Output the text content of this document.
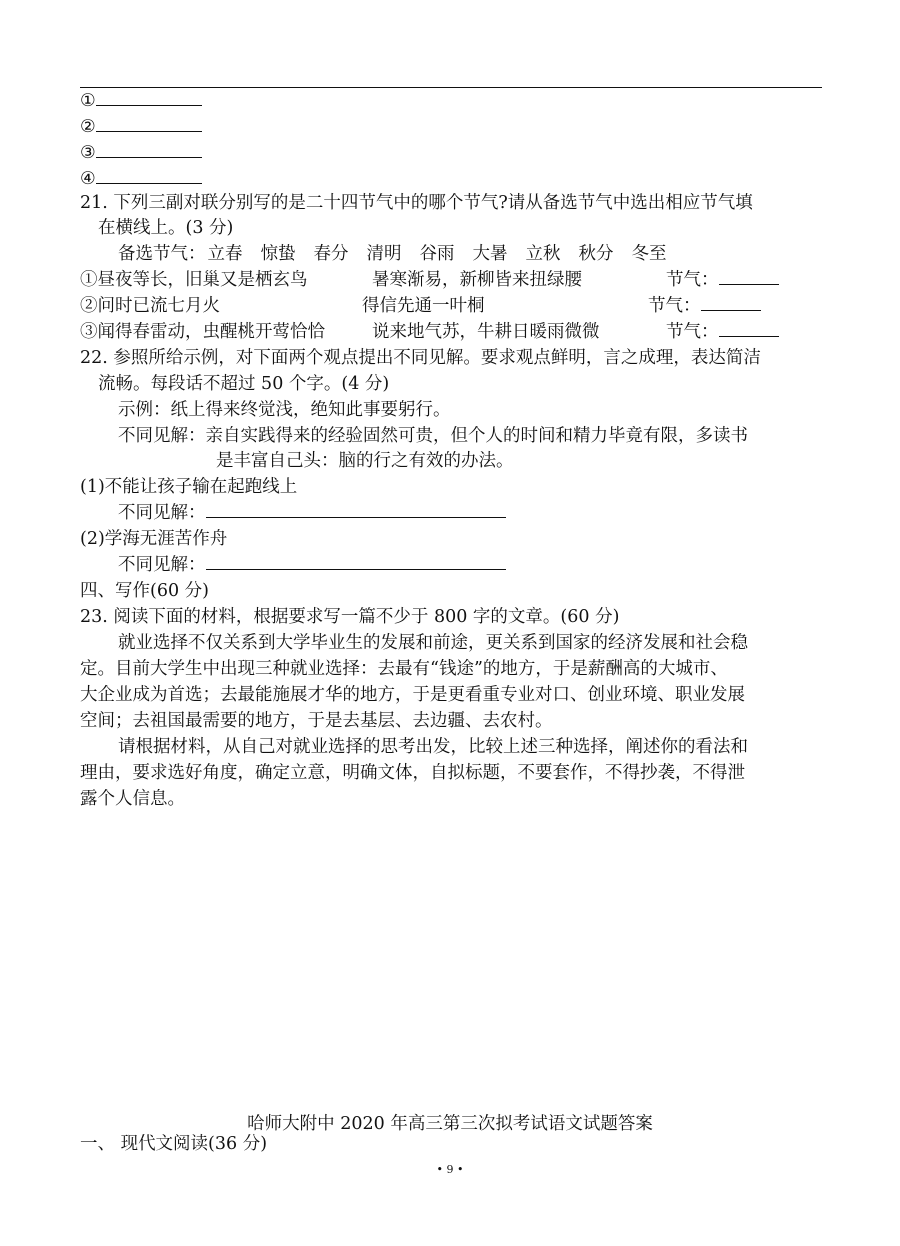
①
②
③
④
21. 下列三副对联分别写的是二十四节气中的哪个节气?请从备选节气中选出相应节气填
在横线上。(3 分)
备选节气： 立春 惊蛰 春分 清明 谷雨 大暑 立秋 秋分 冬至
①昼夜等长，旧巢又是栖玄鸟	暑寒渐易，新柳皆来扭绿腰	节气：
②问时已流七月火	得信先通一叶桐	节气：
③闻得春雷动，虫醒桃开莺恰恰	说来地气苏，牛耕日暖雨微微	节气：
22. 参照所给示例，对下面两个观点提出不同见解。要求观点鲜明，言之成理，表达简洁
流畅。每段话不超过 50 个字。(4 分)
示例：纸上得来终觉浅，绝知此事要躬行。
不同见解：亲自实践得来的经验固然可贵，但个人的时间和精力毕竟有限，多读书
是丰富自己头：脑的行之有效的办法。
(1)不能让孩子输在起跑线上
不同见解：
(2)学海无涯苦作舟
不同见解：
四、写作(60 分)
23. 阅读下面的材料，根据要求写一篇不少于 800 字的文章。(60 分)
就业选择不仅关系到大学毕业生的发展和前途，更关系到国家的经济发展和社会稳
定。目前大学生中出现三种就业选择：去最有“钱途”的地方，于是薪酬高的大城市、
大企业成为首选；去最能施展才华的地方，于是更看重专业对口、创业环境、职业发展
空间；去祖国最需要的地方，于是去基层、去边疆、去农村。
请根据材料，从自己对就业选择的思考出发，比较上述三种选择，阐述你的看法和
理由，要求选好角度，确定立意，明确文体，自拟标题，不要套作，不得抄袭，不得泄
露个人信息。
哈师大附中 2020 年高三第三次拟考试语文试题答案
一、 现代文阅读(36 分)
• 9 •
